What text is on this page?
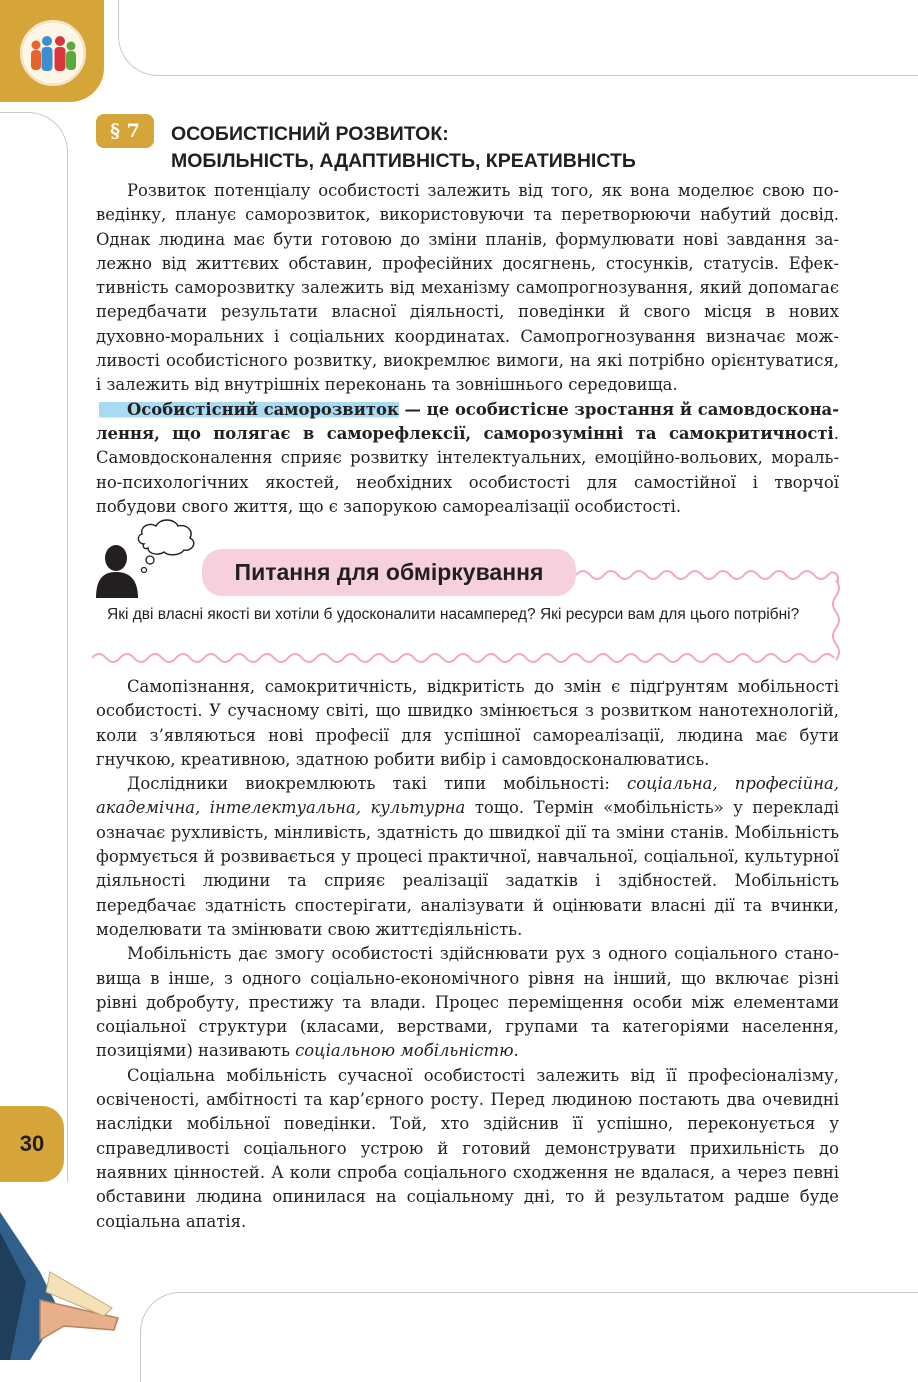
30
§ 7	ОСОБИСТІСНИЙ РОЗВИТОК:
МОБІЛЬНІСТЬ, АДАПТИВНІСТЬ, КРЕАТИВНІСТЬ

Розвиток потенціалу особистості залежить від того, як вона моделює свою поведінку, планує саморозвиток, використовуючи та перетворюючи набутий досвід. Однак людина має бути готовою до зміни планів, формулювати нові завдання залежно від життєвих обставин, професійних досягнень, стосунків, статусів. Ефективність саморозвитку залежить від механізму самопрогнозування, який допомагає передбачати результати власної діяльності, поведінки й свого місця в нових духовно-моральних і соціальних координатах. Самопрогнозування визначає можливості особистісного розвитку, виокремлює вимоги, на які потрібно орієнтуватися, і залежить від внутрішніх переконань та зовнішнього середовища.

Особистісний саморозвиток — це особистісне зростання й самовдосконалення, що полягає в саморефлексії, саморозумінні та самокритичності. Самовдосконалення сприяє розвитку інтелектуальних, емоційно-вольових, морально-психологічних якостей, необхідних особистості для самостійної і творчої побудови свого життя, що є запорукою самореалізації особистості.

Питання для обміркування
Які дві власні якості ви хотіли б удосконалити насамперед? Які ресурси вам для цього потрібні?

Самопізнання, самокритичність, відкритість до змін є підґрунтям мобільності особистості. У сучасному світі, що швидко змінюється з розвитком нанотехнологій, коли з’являються нові професії для успішної самореалізації, людина має бути гнучкою, креативною, здатною робити вибір і самовдосконалюватись.

Дослідники виокремлюють такі типи мобільності: соціальна, професійна, академічна, інтелектуальна, культурна тощо. Термін «мобільність» у перекладі означає рухливість, мінливість, здатність до швидкої дії та зміни станів. Мобільність формується й розвивається у процесі практичної, навчальної, соціальної, культурної діяльності людини та сприяє реалізації задатків і здібностей. Мобільність передбачає здатність спостерігати, аналізувати й оцінювати власні дії та вчинки, моделювати та змінювати свою життєдіяльність.

Мобільність дає змогу особистості здійснювати рух з одного соціального становища в інше, з одного соціально-економічного рівня на інший, що включає різні рівні добробуту, престижу та влади. Процес переміщення особи між елементами соціальної структури (класами, верствами, групами та категоріями населення, позиціями) називають соціальною мобільністю.

Соціальна мобільність сучасної особистості залежить від її професіоналізму, освіченості, амбітності та кар’єрного росту. Перед людиною постають два очевидні наслідки мобільної поведінки. Той, хто здійснив її успішно, переконується у справедливості соціального устрою й готовий демонструвати прихильність до наявних цінностей. А коли спроба соціального сходження не вдалася, а через певні обставини людина опинилася на соціальному дні, то й результатом радше буде соціальна апатія.
